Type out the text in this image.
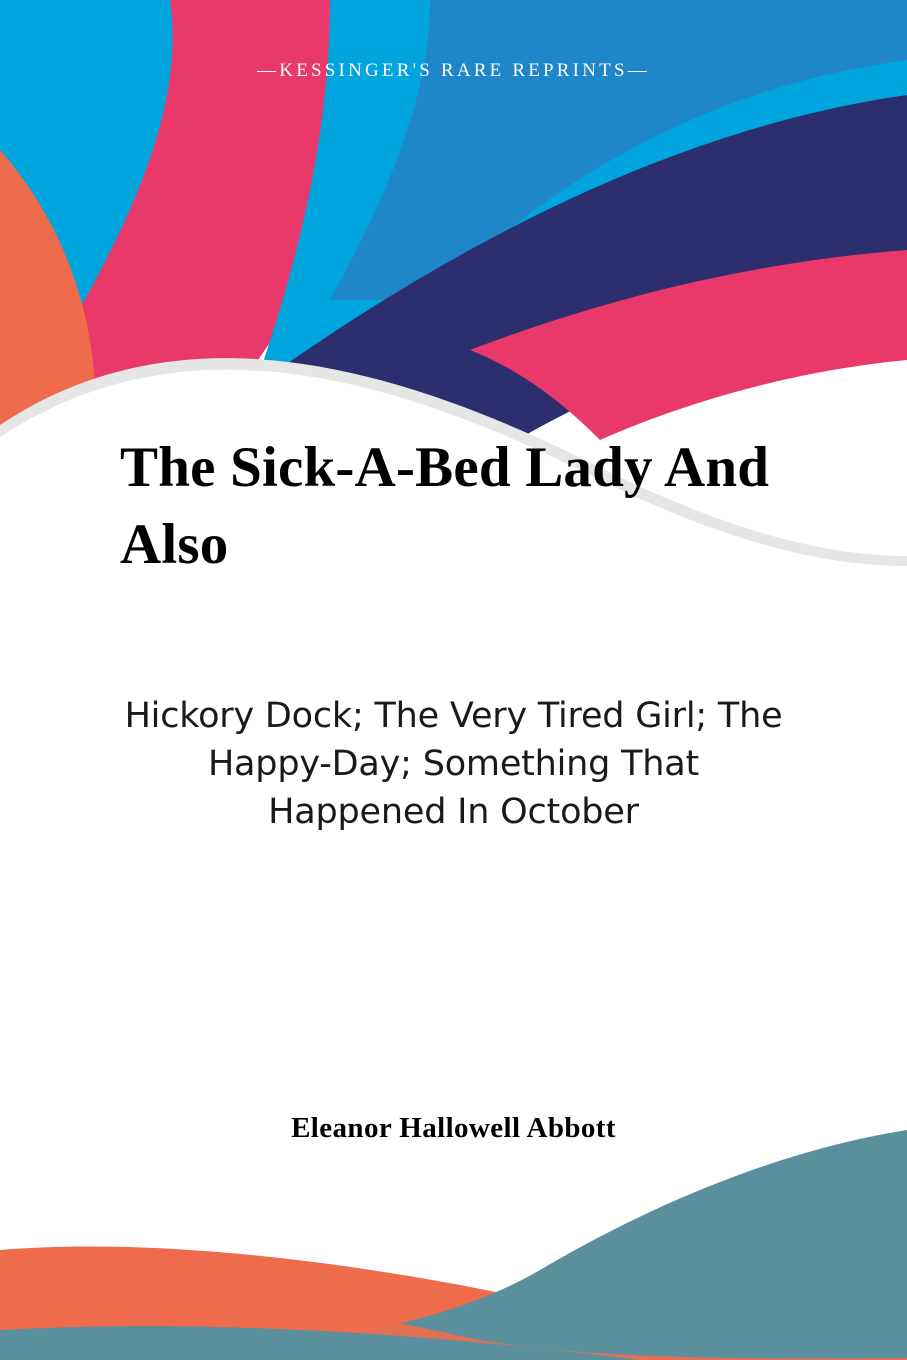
—KESSINGER'S RARE REPRINTS—
The Sick-A-Bed Lady And Also

Hickory Dock; The Very Tired Girl; The Happy-Day; Something That Happened In October

Eleanor Hallowell Abbott
